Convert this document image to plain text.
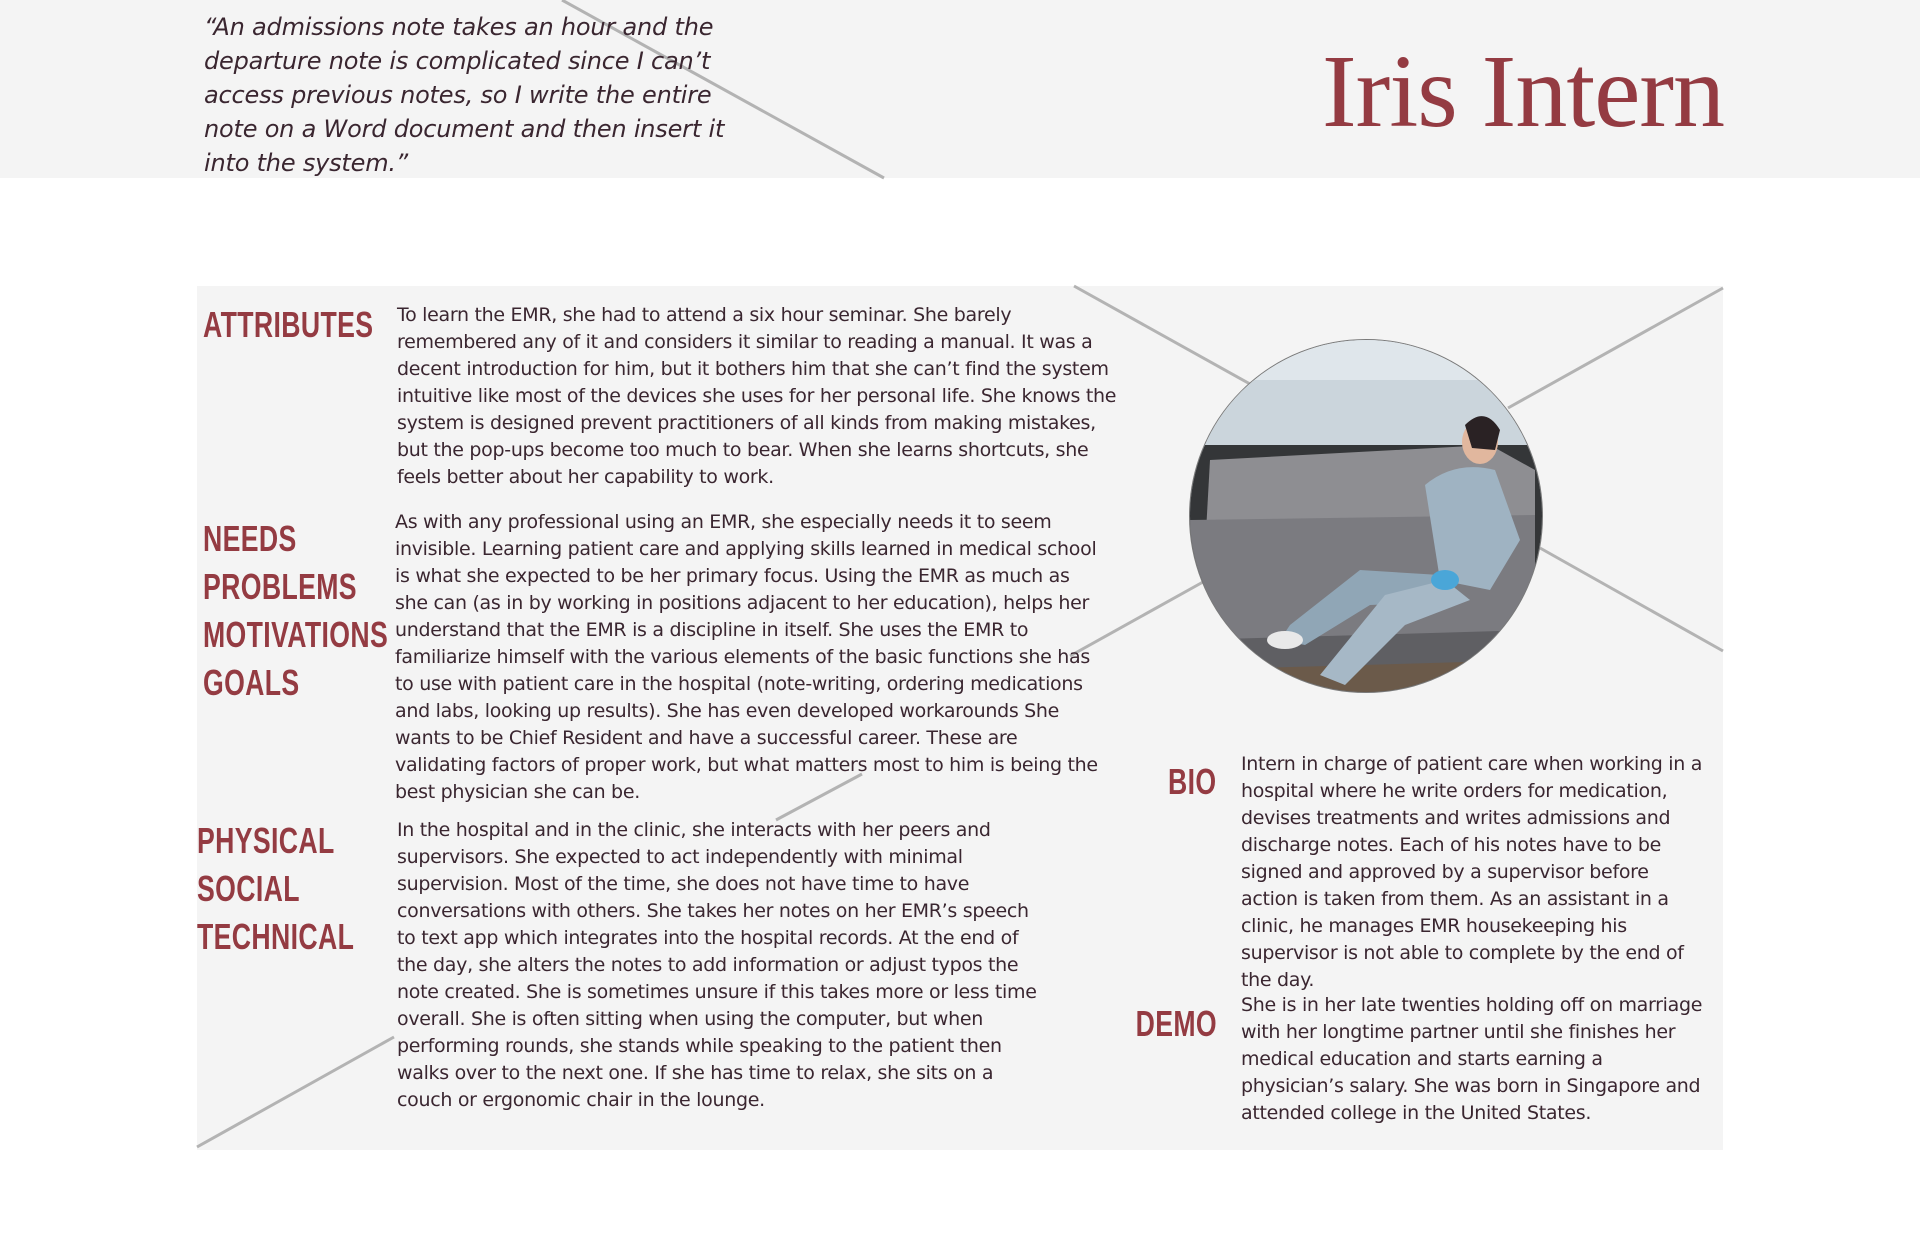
“An admissions note takes an hour and the departure note is complicated since I can’t access previous notes, so I write the entire note on a Word document and then insert it into the system.”

Iris Intern
ATTRIBUTES To learn the EMR, she had to attend a six hour seminar. She barely remembered any of it and considers it similar to reading a manual. It was a decent introduction for him, but it bothers him that she can’t find the system intuitive like most of the devices she uses for her personal life. She knows the system is designed prevent practitioners of all kinds from making mistakes, but the pop-ups become too much to bear. When she learns shortcuts, she feels better about her capability to work.

NEEDS
PROBLEMS
MOTIVATIONS
GOALS

As with any professional using an EMR, she especially needs it to seem invisible. Learning patient care and applying skills learned in medical school is what she expected to be her primary focus. Using the EMR as much as she can (as in by working in positions adjacent to her education), helps her understand that the EMR is a discipline in itself. She uses the EMR to familiarize himself with the various elements of the basic functions she has to use with patient care in the hospital (note-writing, ordering medications and labs, looking up results). She has even developed workarounds She wants to be Chief Resident and have a successful career. These are validating factors of proper work, but what matters most to him is being the best physician she can be.

PHYSICAL
SOCIAL
TECHNICAL

In the hospital and in the clinic, she interacts with her peers and supervisors. She expected to act independently with minimal supervision. Most of the time, she does not have time to have conversations with others. She takes her notes on her EMR’s speech to text app which integrates into the hospital records. At the end of the day, she alters the notes to add information or adjust typos the note created. She is sometimes unsure if this takes more or less time overall. She is often sitting when using the computer, but when performing rounds, she stands while speaking to the patient then walks over to the next one. If she has time to relax, she sits on a couch or ergonomic chair in the lounge.

BIO Intern in charge of patient care when working in a hospital where he write orders for medication, devises treatments and writes admissions and discharge notes. Each of his notes have to be signed and approved by a supervisor before action is taken from them. As an assistant in a clinic, he manages EMR housekeeping his supervisor is not able to complete by the end of the day.

DEMO She is in her late twenties holding off on marriage with her longtime partner until she finishes her medical education and starts earning a physician’s salary. She was born in Singapore and attended college in the United States.
